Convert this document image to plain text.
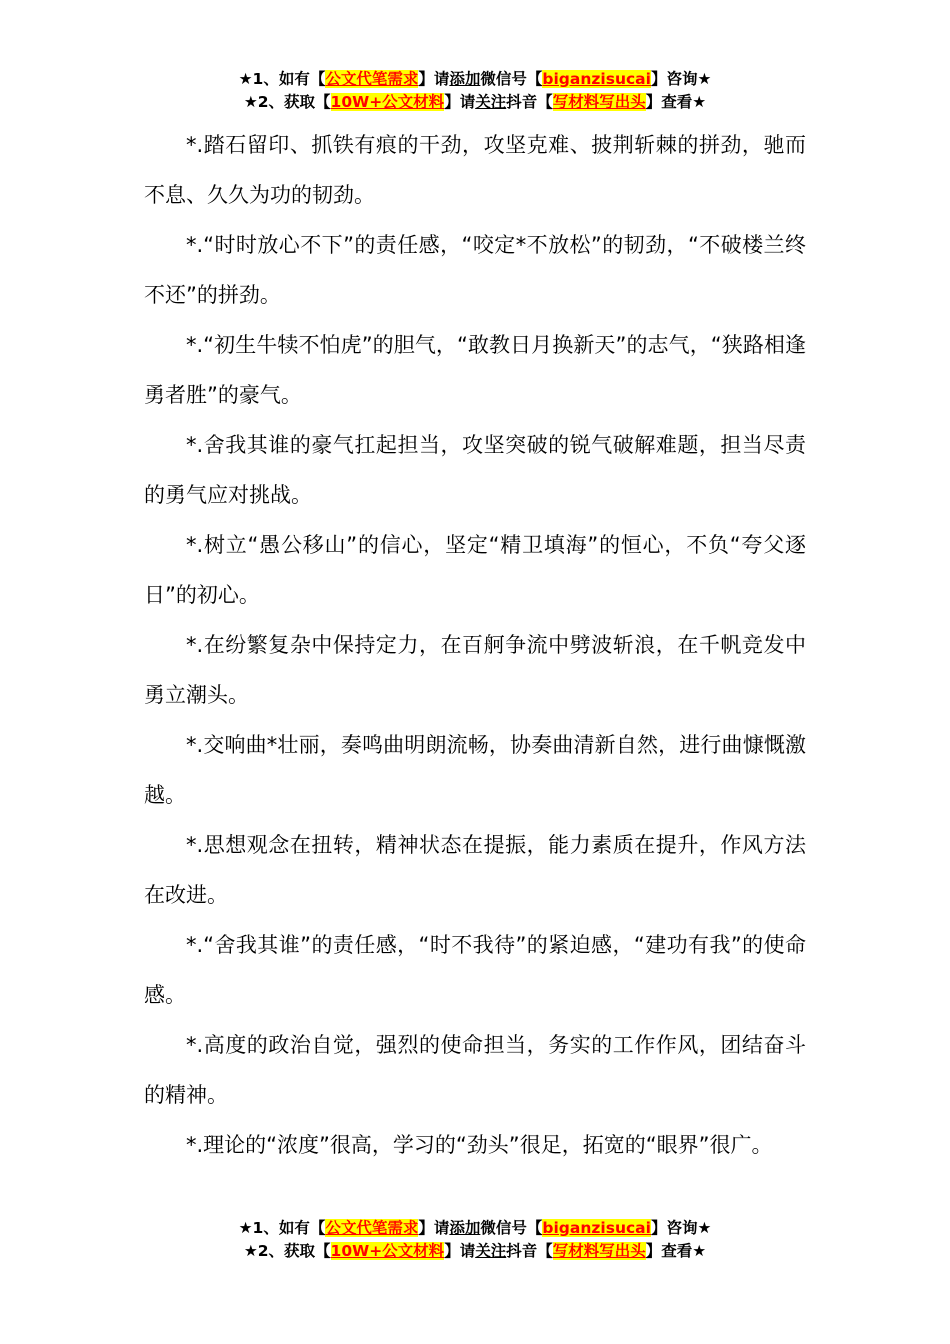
★1、如有【公文代笔需求】请添加微信号【biganzisucai】咨询★
★2、获取【10W+公文材料】请关注抖音【写材料写出头】查看★

*.踏石留印、抓铁有痕的干劲，攻坚克难、披荆斩棘的拼劲，驰而不息、久久为功的韧劲。

*.“时时放心不下”的责任感，“咬定*不放松”的韧劲，“不破楼兰终不还”的拼劲。

*.“初生牛犊不怕虎”的胆气，“敢教日月换新天”的志气，“狭路相逢勇者胜”的豪气。

*.舍我其谁的豪气扛起担当，攻坚突破的锐气破解难题，担当尽责的勇气应对挑战。

*.树立“愚公移山”的信心，坚定“精卫填海”的恒心，不负“夸父逐日”的初心。

*.在纷繁复杂中保持定力，在百舸争流中劈波斩浪，在千帆竞发中勇立潮头。

*.交响曲*壮丽，奏鸣曲明朗流畅，协奏曲清新自然，进行曲慷慨激越。

*.思想观念在扭转，精神状态在提振，能力素质在提升，作风方法在改进。

*.“舍我其谁”的责任感，“时不我待”的紧迫感，“建功有我”的使命感。

*.高度的政治自觉，强烈的使命担当，务实的工作作风，团结奋斗的精神。

*.理论的“浓度”很高，学习的“劲头”很足，拓宽的“眼界”很广。

★1、如有【公文代笔需求】请添加微信号【biganzisucai】咨询★
★2、获取【10W+公文材料】请关注抖音【写材料写出头】查看★
